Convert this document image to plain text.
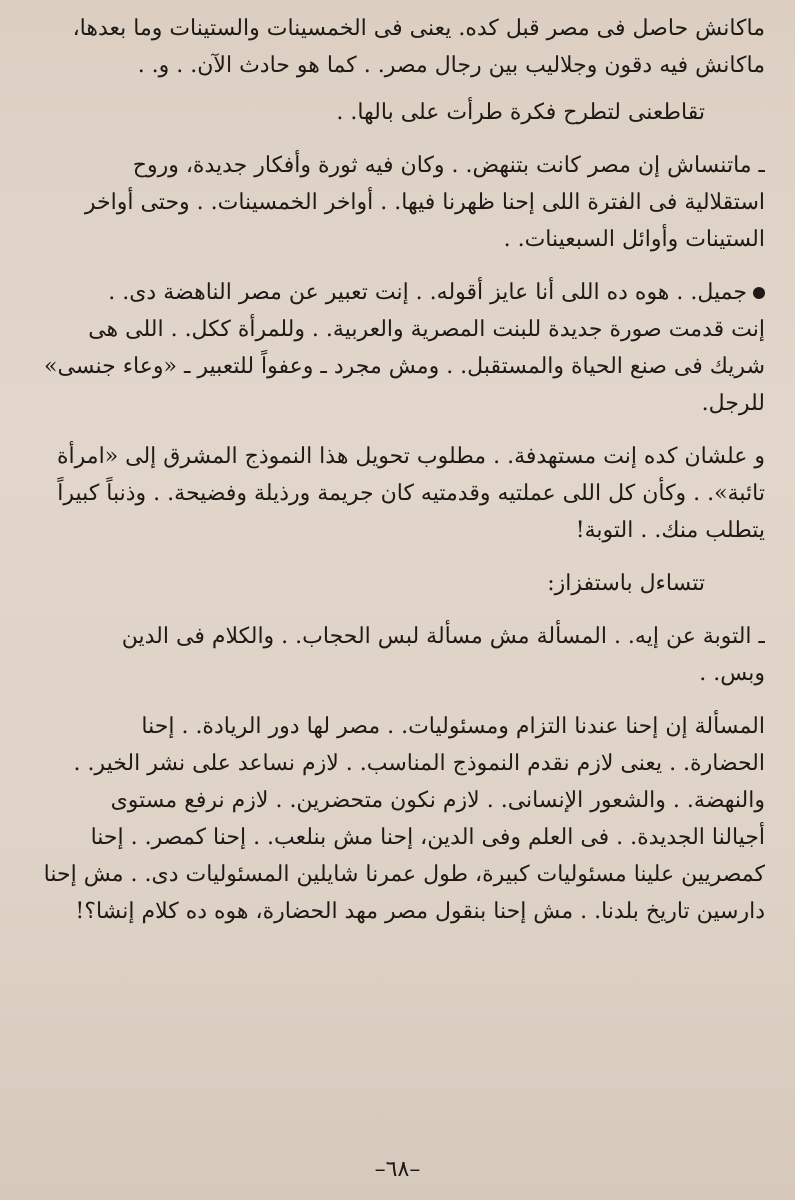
ماكانش حاصل فى مصر قبل كده. يعنى فى الخمسينات والستينات وما بعدها،
ماكانش فيه دقون وجلاليب بين رجال مصر. . كما هو حادث الآن. . و. .

تقاطعنى لتطرح فكرة طرأت على بالها. .

ـ ماتنساش إن مصر كانت بتنهض. . وكان فيه ثورة وأفكار جديدة، وروح
استقلالية فى الفترة اللى إحنا ظهرنا فيها. . أواخر الخمسينات. . وحتى أواخر
الستينات وأوائل السبعينات. .

جميل. . هوه ده اللى أنا عايز أقوله. . إنت تعبير عن مصر الناهضة دى. .
إنت قدمت صورة جديدة للبنت المصرية والعربية. . وللمرأة ككل. . اللى هى
شريك فى صنع الحياة والمستقبل. . ومش مجرد ـ وعفواً للتعبير ـ «وعاء جنسى»
للرجل.

و علشان كده إنت مستهدفة. . مطلوب تحويل هذا النموذج المشرق إلى «امرأة
تائبة». . وكأن كل اللى عملتيه وقدمتيه كان جريمة ورذيلة وفضيحة. . وذنباً كبيراً
يتطلب منك. . التوبة!

تتساءل باستفزاز:

ـ التوبة عن إيه. . المسألة مش مسألة لبس الحجاب. . والكلام فى الدين
وبس. .

المسألة إن إحنا عندنا التزام ومسئوليات. . مصر لها دور الريادة. . إحنا
الحضارة. . يعنى لازم نقدم النموذج المناسب. . لازم نساعد على نشر الخير. .
والنهضة. . والشعور الإنسانى. . لازم نكون متحضرين. . لازم نرفع مستوى
أجيالنا الجديدة. . فى العلم وفى الدين، إحنا مش بنلعب. . إحنا كمصر. . إحنا
كمصريين علينا مسئوليات كبيرة، طول عمرنا شايلين المسئوليات دى. . مش إحنا
دارسين تاريخ بلدنا. . مش إحنا بنقول مصر مهد الحضارة، هوه ده كلام إنشا؟!

–٦٨–
